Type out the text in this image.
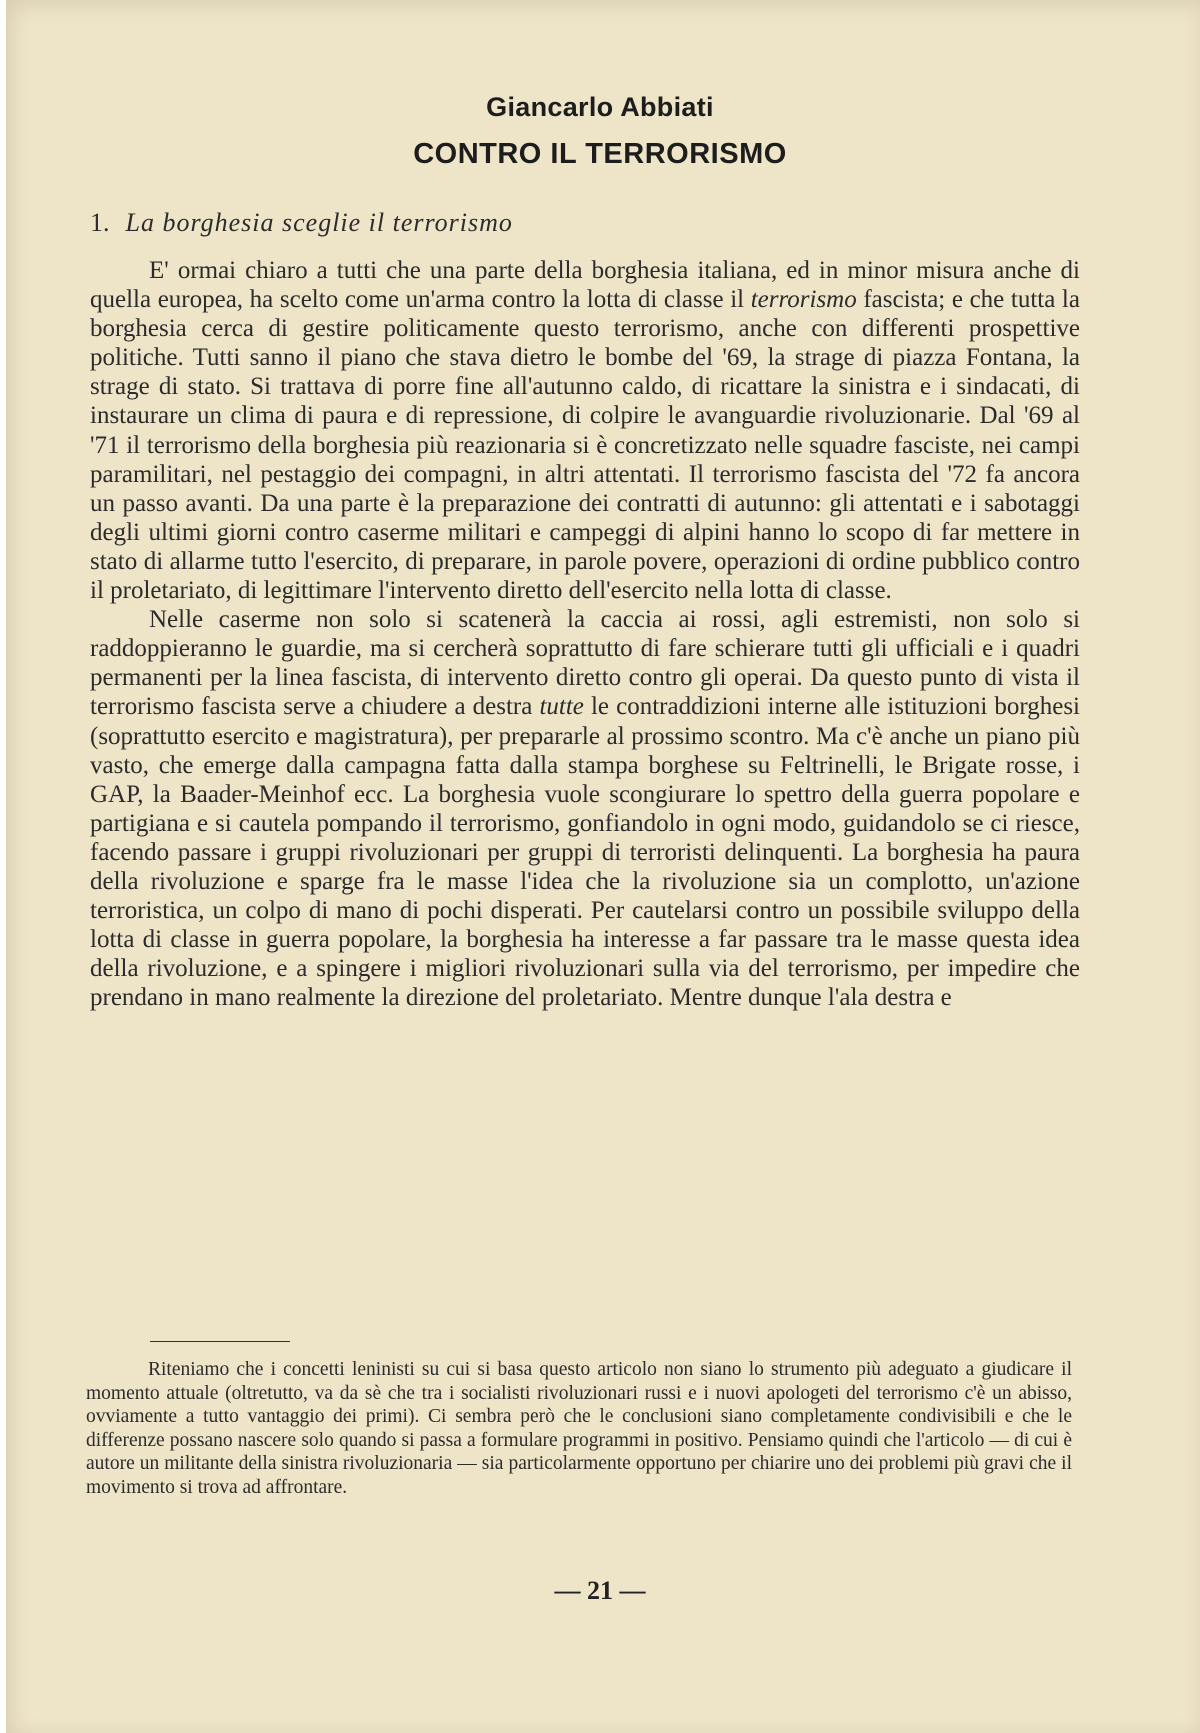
Giancarlo Abbiati
CONTRO IL TERRORISMO
1. La borghesia sceglie il terrorismo

E' ormai chiaro a tutti che una parte della borghesia italiana, ed in minor misura anche di quella europea, ha scelto come un'arma contro la lotta di classe il terrorismo fascista; e che tutta la borghesia cerca di gestire politicamente questo terrorismo, anche con differenti prospettive politiche. Tutti sanno il piano che stava dietro le bombe del '69, la strage di piazza Fontana, la strage di stato. Si trattava di porre fine all'autunno caldo, di ricattare la sinistra e i sindacati, di instaurare un clima di paura e di repressione, di colpire le avanguardie rivoluzionarie. Dal '69 al '71 il terrorismo della borghesia più reazionaria si è concretizzato nelle squadre fasciste, nei campi paramilitari, nel pestaggio dei compagni, in altri attentati. Il terrorismo fascista del '72 fa ancora un passo avanti. Da una parte è la preparazione dei contratti di autunno: gli attentati e i sabotaggi degli ultimi giorni contro caserme militari e campeggi di alpini hanno lo scopo di far mettere in stato di allarme tutto l'esercito, di preparare, in parole povere, operazioni di ordine pubblico contro il proletariato, di legittimare l'intervento diretto dell'esercito nella lotta di classe.

Nelle caserme non solo si scatenerà la caccia ai rossi, agli estremisti, non solo si raddoppieranno le guardie, ma si cercherà soprattutto di fare schierare tutti gli ufficiali e i quadri permanenti per la linea fascista, di intervento diretto contro gli operai. Da questo punto di vista il terrorismo fascista serve a chiudere a destra tutte le contraddizioni interne alle istituzioni borghesi (soprattutto esercito e magistratura), per prepararle al prossimo scontro. Ma c'è anche un piano più vasto, che emerge dalla campagna fatta dalla stampa borghese su Feltrinelli, le Brigate rosse, i GAP, la Baader-Meinhof ecc. La borghesia vuole scongiurare lo spettro della guerra popolare e partigiana e si cautela pompando il terrorismo, gonfiandolo in ogni modo, guidandolo se ci riesce, facendo passare i gruppi rivoluzionari per gruppi di terroristi delinquenti. La borghesia ha paura della rivoluzione e sparge fra le masse l'idea che la rivoluzione sia un complotto, un'azione terroristica, un colpo di mano di pochi disperati. Per cautelarsi contro un possibile sviluppo della lotta di classe in guerra popolare, la borghesia ha interesse a far passare tra le masse questa idea della rivoluzione, e a spingere i migliori rivoluzionari sulla via del terrorismo, per impedire che prendano in mano realmente la direzione del proletariato. Mentre dunque l'ala destra e

Riteniamo che i concetti leninisti su cui si basa questo articolo non siano lo strumento più adeguato a giudicare il momento attuale (oltretutto, va da sè che tra i socialisti rivoluzionari russi e i nuovi apologeti del terrorismo c'è un abisso, ovviamente a tutto vantaggio dei primi). Ci sembra però che le conclusioni siano completamente condivisibili e che le differenze possano nascere solo quando si passa a formulare programmi in positivo. Pensiamo quindi che l'articolo — di cui è autore un militante della sinistra rivoluzionaria — sia particolarmente opportuno per chiarire uno dei problemi più gravi che il movimento si trova ad affrontare.
— 21 —
